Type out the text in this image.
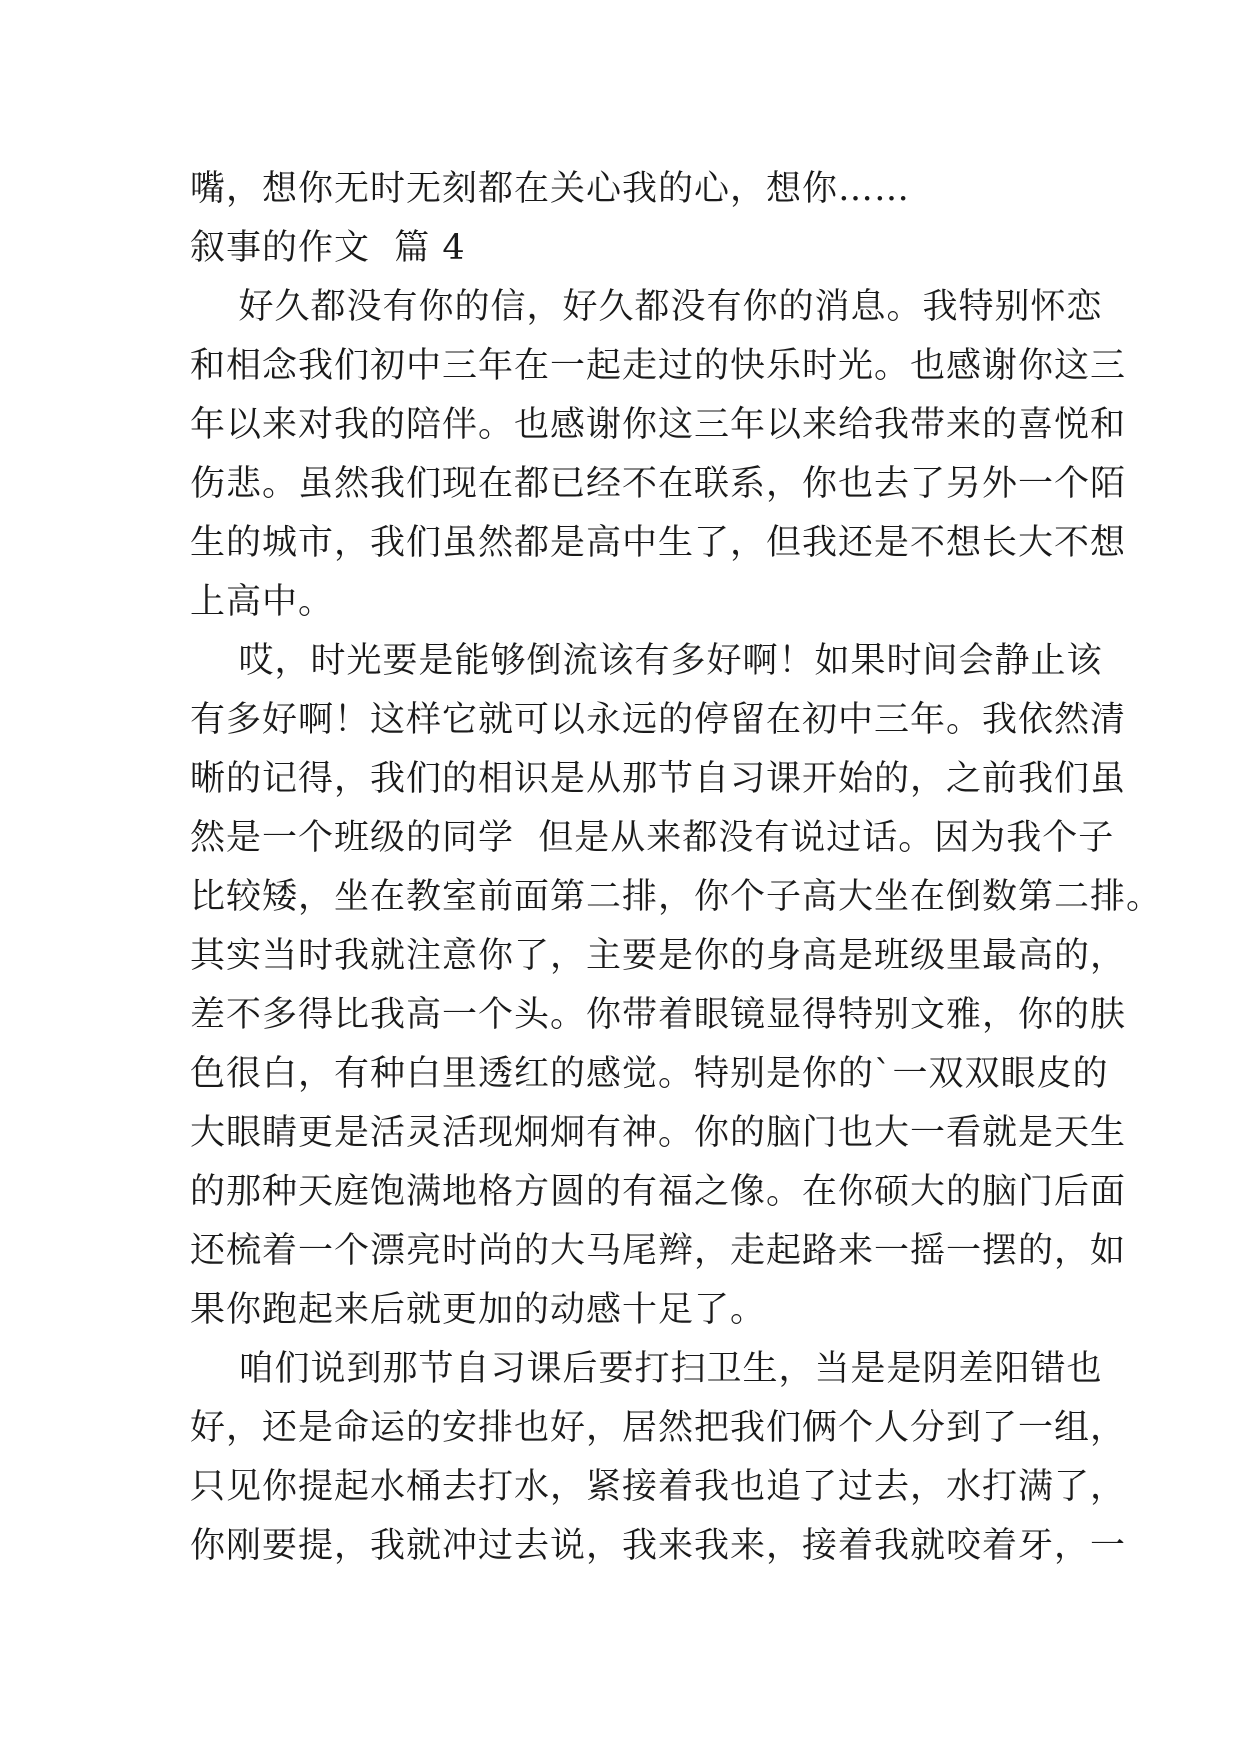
嘴，想你无时无刻都在关心我的心，想你……
叙事的作文  篇 4
好久都没有你的信，好久都没有你的消息。我特别怀恋
和相念我们初中三年在一起走过的快乐时光。也感谢你这三
年以来对我的陪伴。也感谢你这三年以来给我带来的喜悦和
伤悲。虽然我们现在都已经不在联系，你也去了另外一个陌
生的城市，我们虽然都是高中生了，但我还是不想长大不想
上高中。
哎，时光要是能够倒流该有多好啊！如果时间会静止该
有多好啊！这样它就可以永远的停留在初中三年。我依然清
晰的记得，我们的相识是从那节自习课开始的，之前我们虽
然是一个班级的同学  但是从来都没有说过话。因为我个子
比较矮，坐在教室前面第二排，你个子高大坐在倒数第二排。
其实当时我就注意你了，主要是你的身高是班级里最高的，
差不多得比我高一个头。你带着眼镜显得特别文雅，你的肤
色很白，有种白里透红的感觉。特别是你的`一双双眼皮的
大眼睛更是活灵活现炯炯有神。你的脑门也大一看就是天生
的那种天庭饱满地格方圆的有福之像。在你硕大的脑门后面
还梳着一个漂亮时尚的大马尾辫，走起路来一摇一摆的，如
果你跑起来后就更加的动感十足了。
咱们说到那节自习课后要打扫卫生，当是是阴差阳错也
好，还是命运的安排也好，居然把我们俩个人分到了一组，
只见你提起水桶去打水，紧接着我也追了过去，水打满了，
你刚要提，我就冲过去说，我来我来，接着我就咬着牙，一
